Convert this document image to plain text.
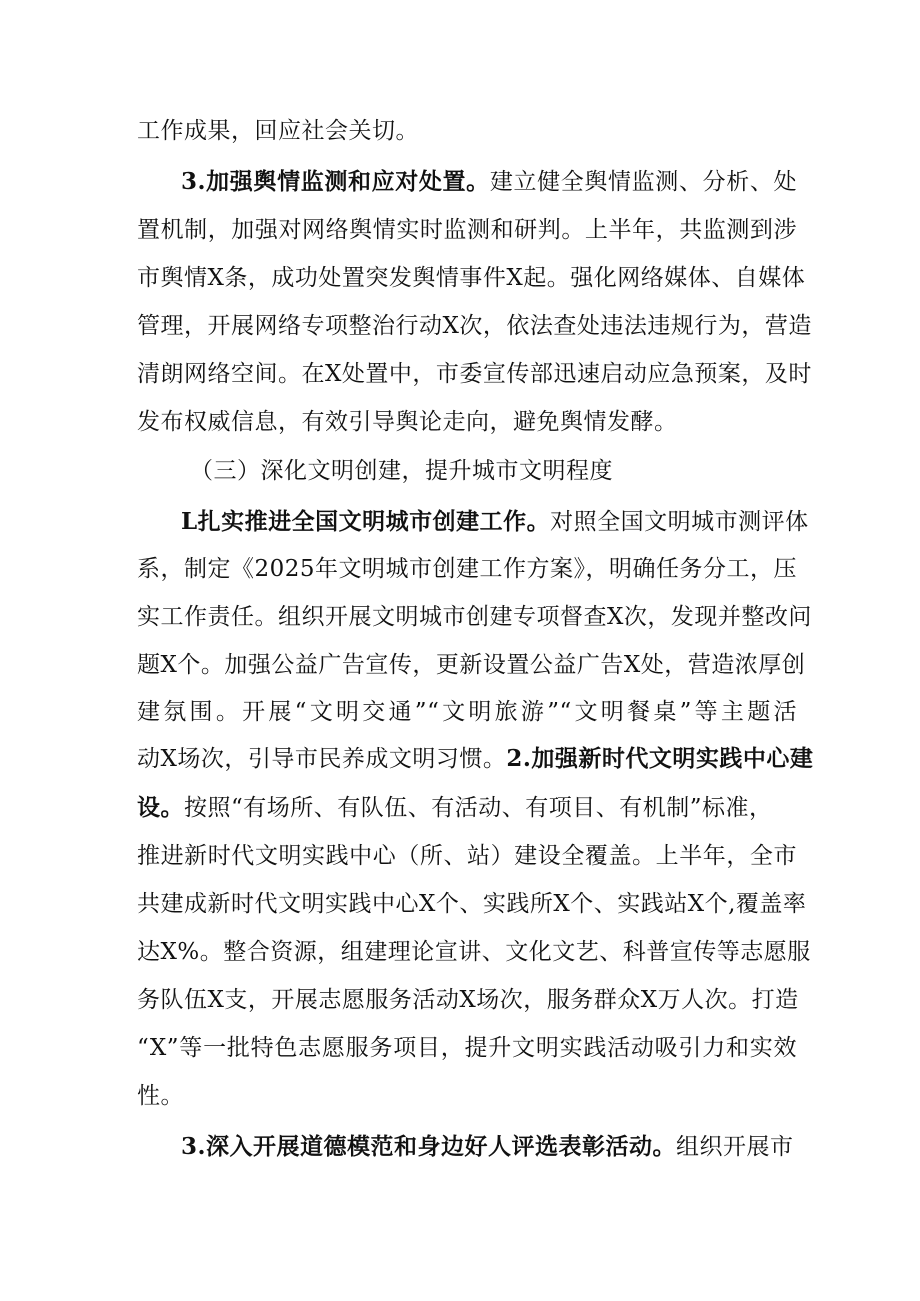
工作成果，回应社会关切。
3.加强舆情监测和应对处置。建立健全舆情监测、分析、处
置机制，加强对网络舆情实时监测和研判。上半年，共监测到涉
市舆情X条，成功处置突发舆情事件X起。强化网络媒体、自媒体
管理，开展网络专项整治行动X次，依法查处违法违规行为，营造
清朗网络空间。在X处置中，市委宣传部迅速启动应急预案，及时
发布权威信息，有效引导舆论走向，避免舆情发酵。
（三）深化文明创建，提升城市文明程度
L扎实推进全国文明城市创建工作。对照全国文明城市测评体
系，制定《2025年文明城市创建工作方案》，明确任务分工，压
实工作责任。组织开展文明城市创建专项督查X次，发现并整改问
题X个。加强公益广告宣传，更新设置公益广告X处，营造浓厚创
建氛围。开展“文明交通”“文明旅游”“文明餐桌”等主题活
动X场次，引导市民养成文明习惯。2.加强新时代文明实践中心建
设。按照“有场所、有队伍、有活动、有项目、有机制”标准，
推进新时代文明实践中心（所、站）建设全覆盖。上半年，全市
共建成新时代文明实践中心X个、实践所X个、实践站X个,覆盖率
达X%。整合资源，组建理论宣讲、文化文艺、科普宣传等志愿服
务队伍X支，开展志愿服务活动X场次，服务群众X万人次。打造
“X”等一批特色志愿服务项目，提升文明实践活动吸引力和实效
性。
3.深入开展道德模范和身边好人评选表彰活动。组织开展市
